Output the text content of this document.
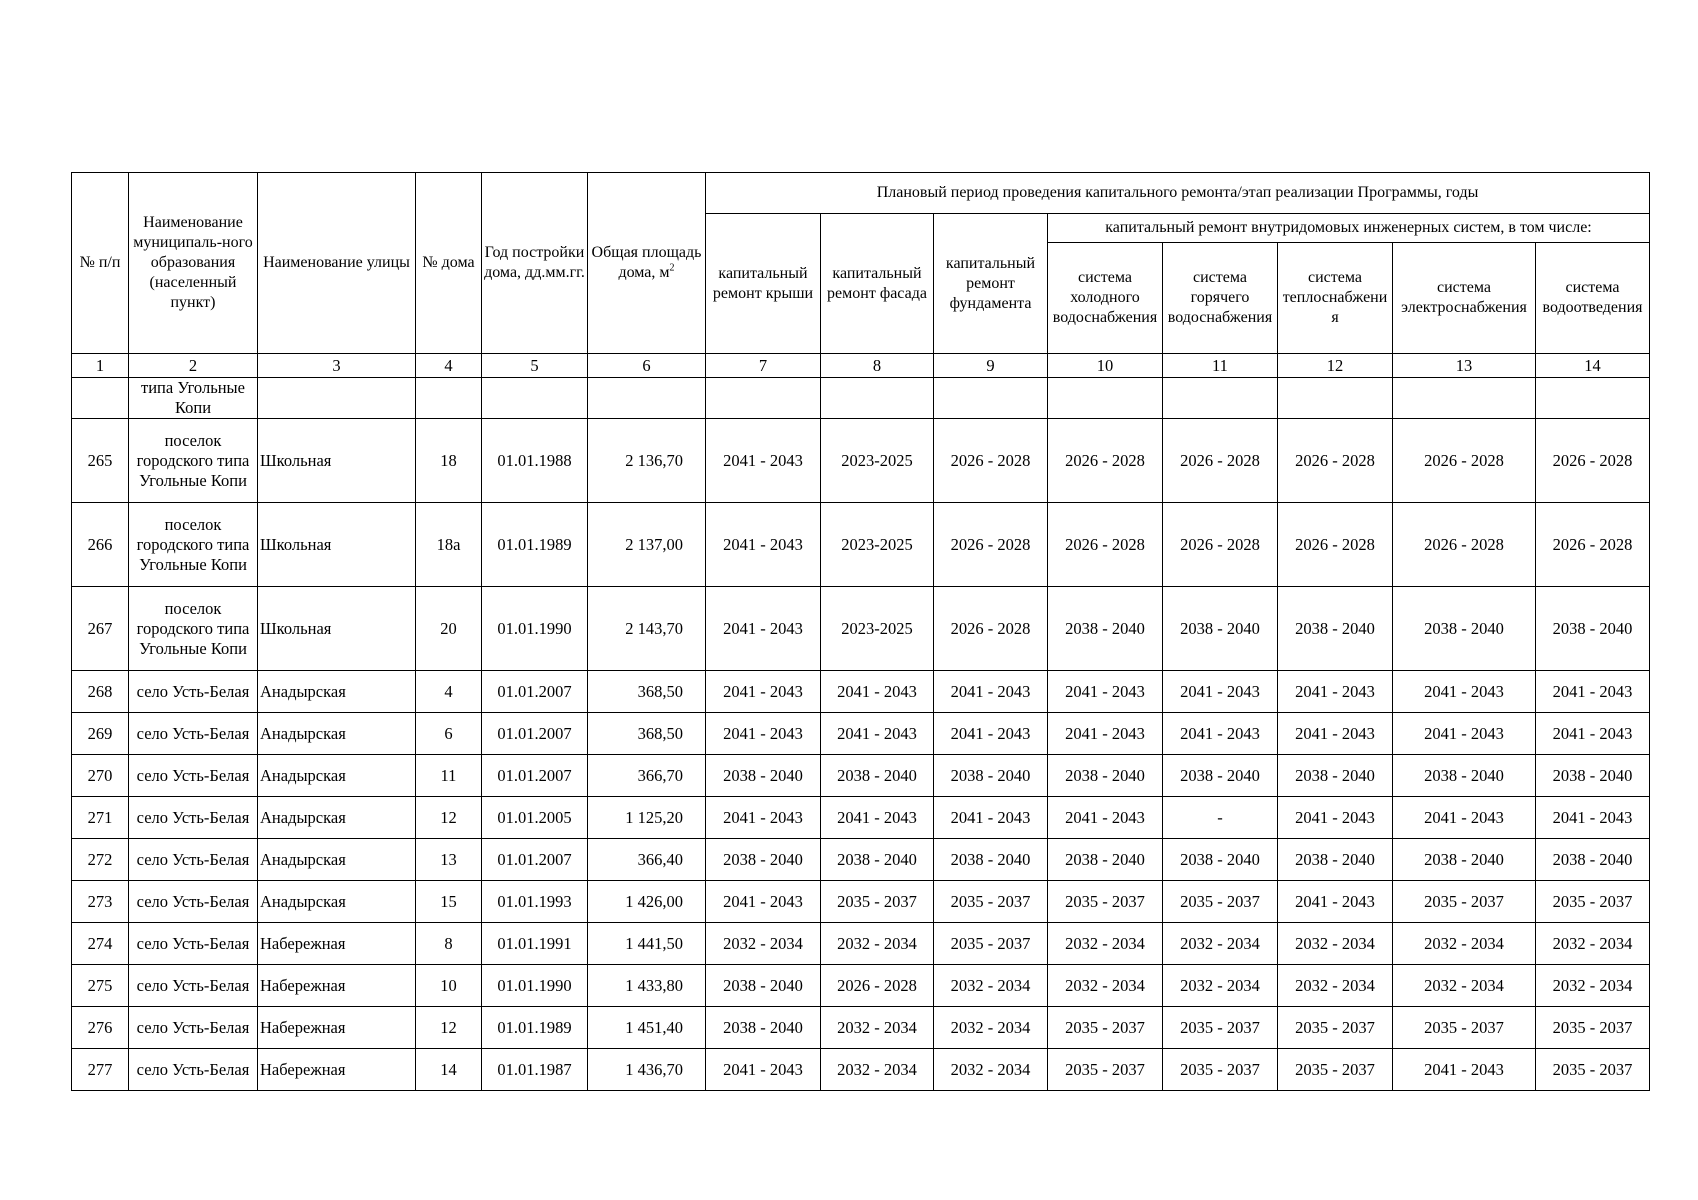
№ п/п	Наименование муниципаль-ного образования (населенный пункт)	Наименование улицы	№ дома	Год постройки дома, дд.мм.гг.	Общая площадь дома, $м^2$	Плановый период проведения капитального ремонта/этап реализации Программы, годы							
						капитальный ремонт крыши	капитальный ремонт фасада	капитальный ремонт фундамента	капитальный ремонт внутридомовых инженерных систем, в том числе:				
									система холодного водоснабжения	система горячего водоснабжения	система теплоснабжения	система электроснабжения	система водоотведения
1	2	3	4	5	6	7	8	9	10	11	12	13	14
	типа Угольные Копи												
265	поселок городского типа Угольные Копи	Школьная	18	01.01.1988	2 136,70	2041 - 2043	2023-2025	2026 - 2028	2026 - 2028	2026 - 2028	2026 - 2028	2026 - 2028	2026 - 2028
266	поселок городского типа Угольные Копи	Школьная	18а	01.01.1989	2 137,00	2041 - 2043	2023-2025	2026 - 2028	2026 - 2028	2026 - 2028	2026 - 2028	2026 - 2028	2026 - 2028
267	поселок городского типа Угольные Копи	Школьная	20	01.01.1990	2 143,70	2041 - 2043	2023-2025	2026 - 2028	2038 - 2040	2038 - 2040	2038 - 2040	2038 - 2040	2038 - 2040
268	село Усть-Белая	Анадырская	4	01.01.2007	368,50	2041 - 2043	2041 - 2043	2041 - 2043	2041 - 2043	2041 - 2043	2041 - 2043	2041 - 2043	2041 - 2043
269	село Усть-Белая	Анадырская	6	01.01.2007	368,50	2041 - 2043	2041 - 2043	2041 - 2043	2041 - 2043	2041 - 2043	2041 - 2043	2041 - 2043	2041 - 2043
270	село Усть-Белая	Анадырская	11	01.01.2007	366,70	2038 - 2040	2038 - 2040	2038 - 2040	2038 - 2040	2038 - 2040	2038 - 2040	2038 - 2040	2038 - 2040
271	село Усть-Белая	Анадырская	12	01.01.2005	1 125,20	2041 - 2043	2041 - 2043	2041 - 2043	2041 - 2043	-	2041 - 2043	2041 - 2043	2041 - 2043
272	село Усть-Белая	Анадырская	13	01.01.2007	366,40	2038 - 2040	2038 - 2040	2038 - 2040	2038 - 2040	2038 - 2040	2038 - 2040	2038 - 2040	2038 - 2040
273	село Усть-Белая	Анадырская	15	01.01.1993	1 426,00	2041 - 2043	2035 - 2037	2035 - 2037	2035 - 2037	2035 - 2037	2041 - 2043	2035 - 2037	2035 - 2037
274	село Усть-Белая	Набережная	8	01.01.1991	1 441,50	2032 - 2034	2032 - 2034	2035 - 2037	2032 - 2034	2032 - 2034	2032 - 2034	2032 - 2034	2032 - 2034
275	село Усть-Белая	Набережная	10	01.01.1990	1 433,80	2038 - 2040	2026 - 2028	2032 - 2034	2032 - 2034	2032 - 2034	2032 - 2034	2032 - 2034	2032 - 2034
276	село Усть-Белая	Набережная	12	01.01.1989	1 451,40	2038 - 2040	2032 - 2034	2032 - 2034	2035 - 2037	2035 - 2037	2035 - 2037	2035 - 2037	2035 - 2037
277	село Усть-Белая	Набережная	14	01.01.1987	1 436,70	2041 - 2043	2032 - 2034	2032 - 2034	2035 - 2037	2035 - 2037	2035 - 2037	2041 - 2043	2035 - 2037
